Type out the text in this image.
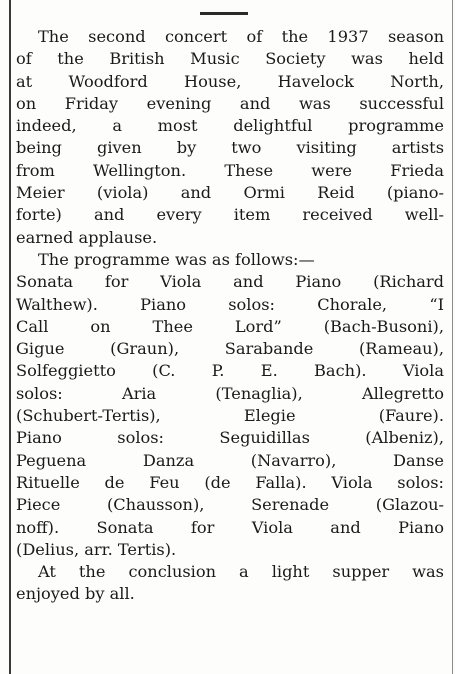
The second concert of the 1937 season
of the British Music Society was held
at Woodford House, Havelock North,
on Friday evening and was successful
indeed, a most delightful programme
being given by two visiting artists
from Wellington. These were Frieda
Meier (viola) and Ormi Reid (piano-
forte) and every item received well-
earned applause.
The programme was as follows:—
Sonata for Viola and Piano (Richard
Walthew). Piano solos: Chorale, “I
Call on Thee Lord” (Bach-Busoni),
Gigue (Graun), Sarabande (Rameau),
Solfeggietto (C. P. E. Bach). Viola
solos: Aria (Tenaglia), Allegretto
(Schubert-Tertis), Elegie (Faure).
Piano solos: Seguidillas (Albeniz),
Peguena Danza (Navarro), Danse
Rituelle de Feu (de Falla). Viola solos:
Piece (Chausson), Serenade (Glazou-
noff). Sonata for Viola and Piano
(Delius, arr. Tertis).
At the conclusion a light supper was
enjoyed by all.
